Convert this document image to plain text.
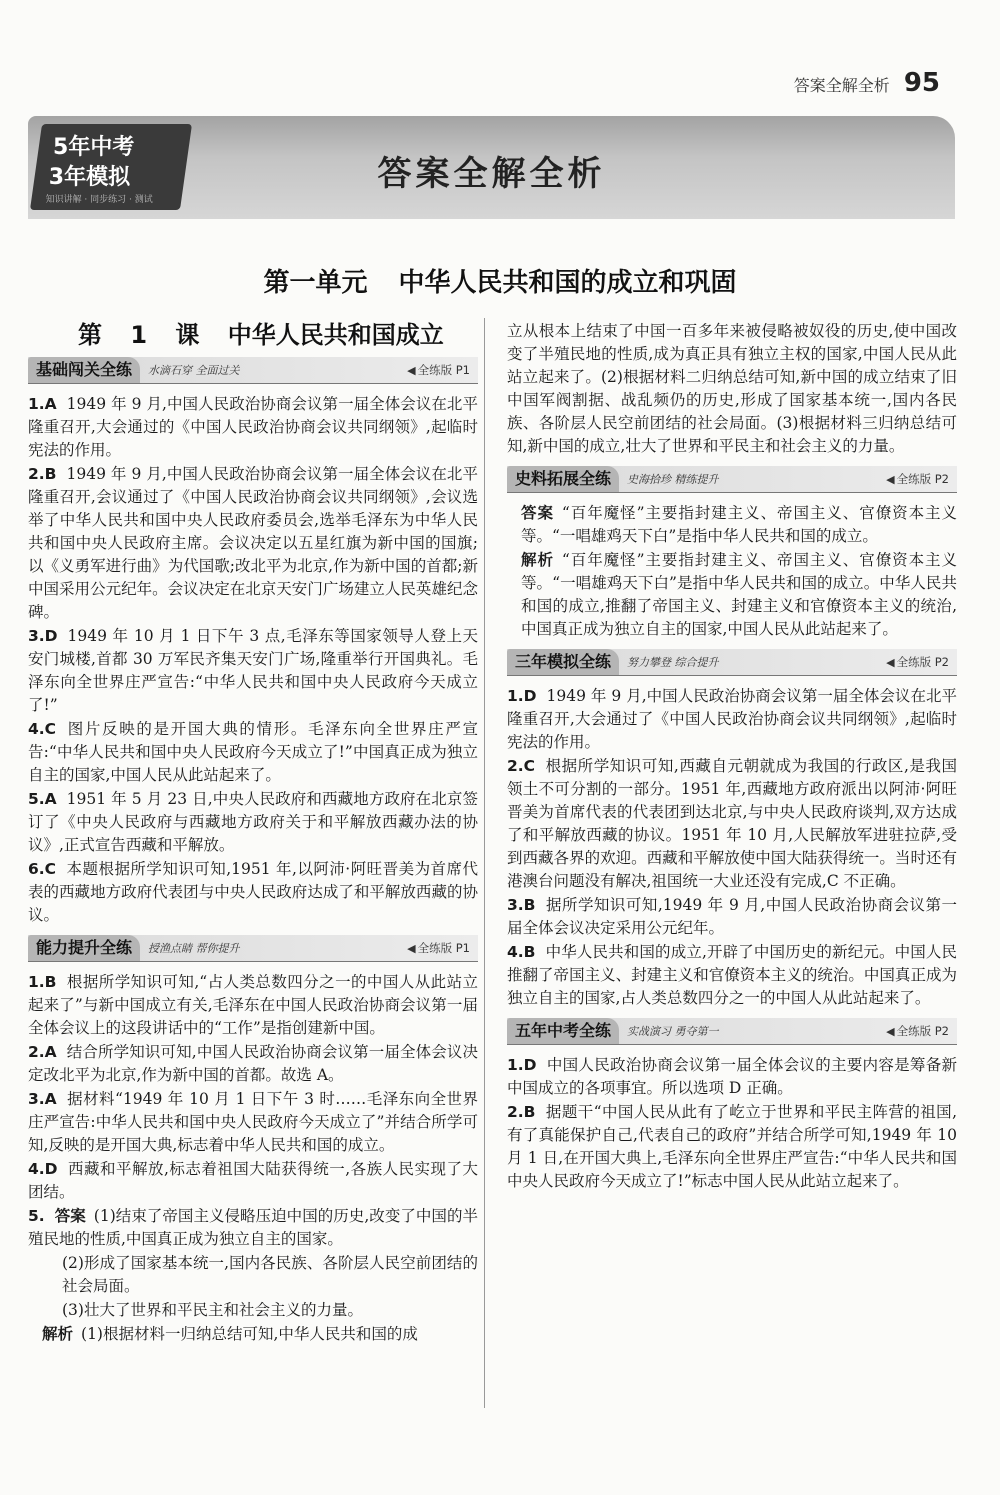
答案全解全析 95
5年中考
3年模拟
知识讲解 · 同步练习 · 测试
答案全解全析
第一单元 中华人民共和国的成立和巩固
第 1 课 中华人民共和国成立
基础闯关全练	水滴石穿 全面过关	◀ 全练版 P1
1.A 1949 年 9 月,中国人民政治协商会议第一届全体会议在北平隆重召开,大会通过的《中国人民政治协商会议共同纲领》,起临时宪法的作用。
2.B 1949 年 9 月,中国人民政治协商会议第一届全体会议在北平隆重召开,会议通过了《中国人民政治协商会议共同纲领》,会议选举了中华人民共和国中央人民政府委员会,选举毛泽东为中华人民共和国中央人民政府主席。会议决定以五星红旗为新中国的国旗;以《义勇军进行曲》为代国歌;改北平为北京,作为新中国的首都;新中国采用公元纪年。会议决定在北京天安门广场建立人民英雄纪念碑。
3.D 1949 年 10 月 1 日下午 3 点,毛泽东等国家领导人登上天安门城楼,首都 30 万军民齐集天安门广场,隆重举行开国典礼。毛泽东向全世界庄严宣告:“中华人民共和国中央人民政府今天成立了!”
4.C 图片反映的是开国大典的情形。毛泽东向全世界庄严宣告:“中华人民共和国中央人民政府今天成立了!”中国真正成为独立自主的国家,中国人民从此站起来了。
5.A 1951 年 5 月 23 日,中央人民政府和西藏地方政府在北京签订了《中央人民政府与西藏地方政府关于和平解放西藏办法的协议》,正式宣告西藏和平解放。
6.C 本题根据所学知识可知,1951 年,以阿沛·阿旺晋美为首席代表的西藏地方政府代表团与中央人民政府达成了和平解放西藏的协议。
能力提升全练	授渔点睛 帮你提升	◀ 全练版 P1
1.B 根据所学知识可知,“占人类总数四分之一的中国人从此站立起来了”与新中国成立有关,毛泽东在中国人民政治协商会议第一届全体会议上的这段讲话中的“工作”是指创建新中国。
2.A 结合所学知识可知,中国人民政治协商会议第一届全体会议决定改北平为北京,作为新中国的首都。故选 A。
3.A 据材料“1949 年 10 月 1 日下午 3 时……毛泽东向全世界庄严宣告:中华人民共和国中央人民政府今天成立了”并结合所学可知,反映的是开国大典,标志着中华人民共和国的成立。
4.D 西藏和平解放,标志着祖国大陆获得统一,各族人民实现了大团结。
5. 答案 (1)结束了帝国主义侵略压迫中国的历史,改变了中国的半殖民地的性质,中国真正成为独立自主的国家。
(2)形成了国家基本统一,国内各民族、各阶层人民空前团结的社会局面。
(3)壮大了世界和平民主和社会主义的力量。
解析 (1)根据材料一归纳总结可知,中华人民共和国的成
立从根本上结束了中国一百多年来被侵略被奴役的历史,使中国改变了半殖民地的性质,成为真正具有独立主权的国家,中国人民从此站立起来了。(2)根据材料二归纳总结可知,新中国的成立结束了旧中国军阀割据、战乱频仍的历史,形成了国家基本统一,国内各民族、各阶层人民空前团结的社会局面。(3)根据材料三归纳总结可知,新中国的成立,壮大了世界和平民主和社会主义的力量。
史料拓展全练	史海拾珍 精练提升	◀ 全练版 P2
答案 “百年魔怪”主要指封建主义、帝国主义、官僚资本主义等。“一唱雄鸡天下白”是指中华人民共和国的成立。
解析 “百年魔怪”主要指封建主义、帝国主义、官僚资本主义等。“一唱雄鸡天下白”是指中华人民共和国的成立。中华人民共和国的成立,推翻了帝国主义、封建主义和官僚资本主义的统治,中国真正成为独立自主的国家,中国人民从此站起来了。
三年模拟全练	努力攀登 综合提升	◀ 全练版 P2
1.D 1949 年 9 月,中国人民政治协商会议第一届全体会议在北平隆重召开,大会通过了《中国人民政治协商会议共同纲领》,起临时宪法的作用。
2.C 根据所学知识可知,西藏自元朝就成为我国的行政区,是我国领土不可分割的一部分。1951 年,西藏地方政府派出以阿沛·阿旺晋美为首席代表的代表团到达北京,与中央人民政府谈判,双方达成了和平解放西藏的协议。1951 年 10 月,人民解放军进驻拉萨,受到西藏各界的欢迎。西藏和平解放使中国大陆获得统一。当时还有港澳台问题没有解决,祖国统一大业还没有完成,C 不正确。
3.B 据所学知识可知,1949 年 9 月,中国人民政治协商会议第一届全体会议决定采用公元纪年。
4.B 中华人民共和国的成立,开辟了中国历史的新纪元。中国人民推翻了帝国主义、封建主义和官僚资本主义的统治。中国真正成为独立自主的国家,占人类总数四分之一的中国人从此站起来了。
五年中考全练	实战演习 勇夺第一	◀ 全练版 P2
1.D 中国人民政治协商会议第一届全体会议的主要内容是筹备新中国成立的各项事宜。所以选项 D 正确。
2.B 据题干“中国人民从此有了屹立于世界和平民主阵营的祖国,有了真能保护自己,代表自己的政府”并结合所学可知,1949 年 10 月 1 日,在开国大典上,毛泽东向全世界庄严宣告:“中华人民共和国中央人民政府今天成立了!”标志中国人民从此站立起来了。
